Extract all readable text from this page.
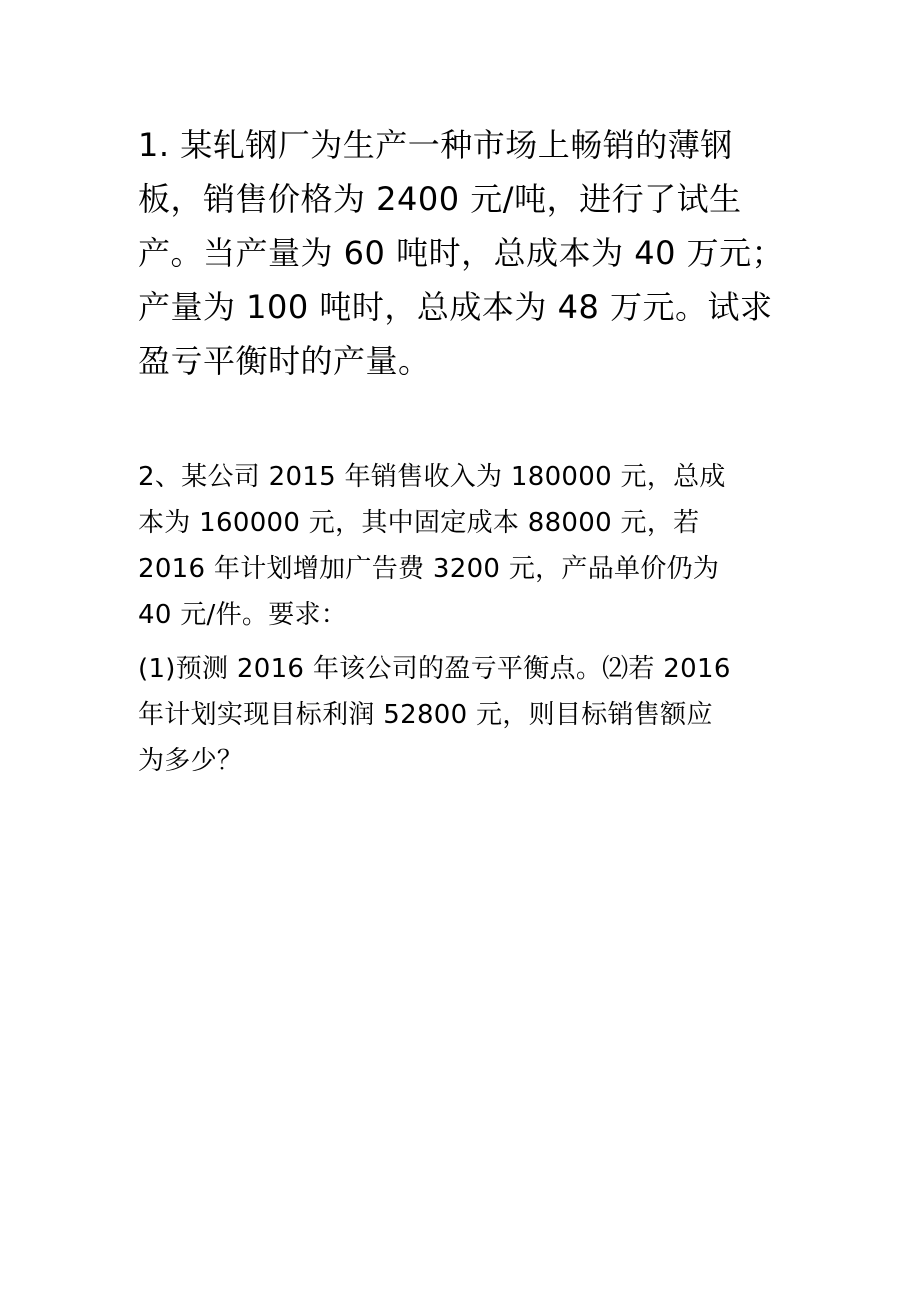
1. 某轧钢厂为生产一种市场上畅销的薄钢
板，销售价格为 2400 元/吨，进行了试生
产。当产量为 60 吨时，总成本为 40 万元；
产量为 100 吨时，总成本为 48 万元。试求
盈亏平衡时的产量。
2、某公司 2015 年销售收入为 180000 元，总成
本为 160000 元，其中固定成本 88000 元，若
2016 年计划增加广告费 3200 元，产品单价仍为
40 元/件。要求：
(1)预测 2016 年该公司的盈亏平衡点。⑵若 2016
年计划实现目标利润 52800 元，则目标销售额应
为多少？
